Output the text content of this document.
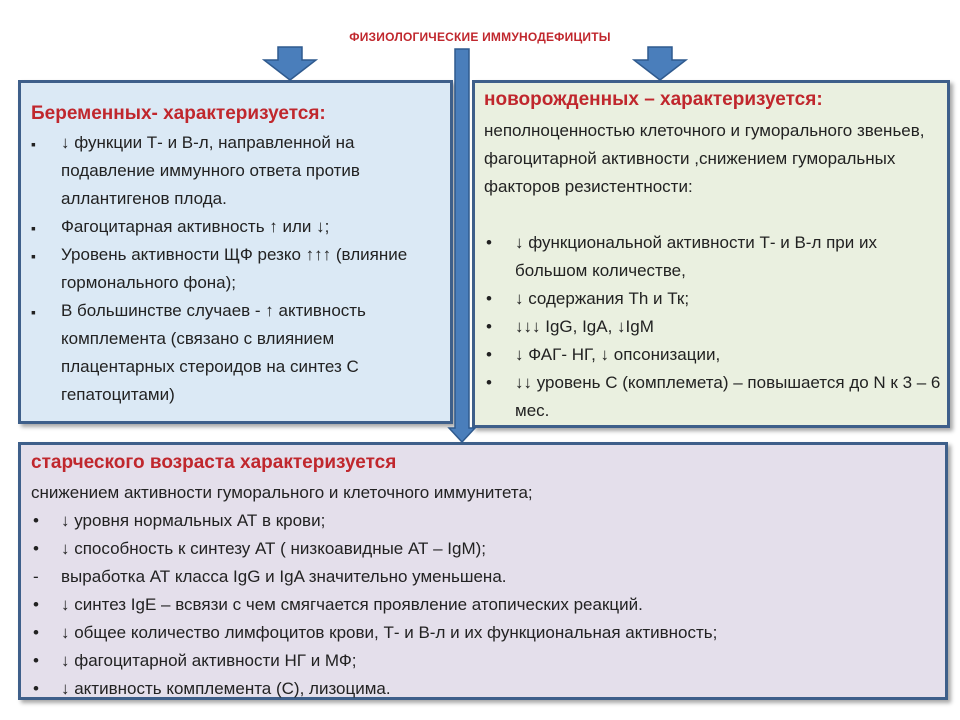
ФИЗИОЛОГИЧЕСКИЕ ИММУНОДЕФИЦИТЫ
Беременных- характеризуется:
▪ ↓ функции Т- и В-л, направленной на подавление иммунного ответа против аллантигенов плода.
▪ Фагоцитарная активность ↑ или ↓;
▪ Уровень активности ЩФ резко ↑↑↑ (влияние гормонального фона);
▪ В большинстве случаев - ↑ активность комплемента (связано с влиянием плацентарных стероидов на синтез С гепатоцитами)
новорожденных – характеризуется:
неполноценностью клеточного и гуморального звеньев, фагоцитарной активности ,снижением гуморальных факторов резистентности:
• ↓ функциональной активности Т- и В-л при их большом количестве,
• ↓ содержания Th и Тк;
• ↓↓↓ IgG, IgA, ↓IgM
• ↓ ФАГ- НГ, ↓ опсонизации,
• ↓↓ уровень С (комплемета) – повышается до N к 3 – 6 мес.
старческого возраста характеризуется
снижением активности гуморального и клеточного иммунитета;
• ↓ уровня нормальных АТ в крови;
• ↓ способность к синтезу АТ ( низкоавидные АТ – IgM);
- выработка АТ класса IgG и IgA значительно уменьшена.
• ↓ синтез IgE – всвязи с чем смягчается проявление атопических реакций.
• ↓ общее количество лимфоцитов крови, Т- и В-л и их функциональная активность;
• ↓ фагоцитарной активности НГ и МФ;
• ↓ активность комплемента (С), лизоцима.
